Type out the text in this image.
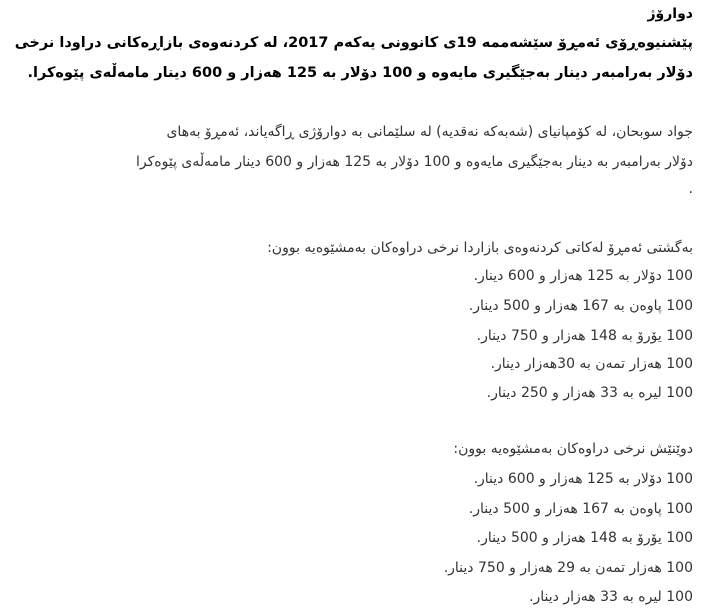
دوارۆژ
پێشنیوەڕۆی ئەمڕۆ سێشەممە 19ی کانوونی یەکەم 2017، لە کردنەوەی بازاڕەکانی دراودا نرخی
دۆلار بەرامبەر دینار بەجێگیری مایەوە و 100 دۆلار بە 125 هەزار و 600 دینار مامەڵەی پێوەکرا.
جواد سوبحان، لە کۆمپانیای (شەبەکە نەقدیە) لە سلێمانی بە دوارۆژی ڕاگەیاند، ئەمڕۆ بەهای
دۆلار بەرامبەر بە دینار بەجێگیری مایەوە و 100 دۆلار بە 125 هەزار و 600 دینار مامەڵەی پێوەکرا
.
بەگشتی ئەمڕۆ لەکاتی کردنەوەی بازاردا نرخی دراوەکان بەمشێوەیە بوون:
100 دۆلار بە 125 هەزار و 600 دینار.
100 پاوەن بە 167 هەزار و 500 دینار.
100 یۆرۆ بە 148 هەزار و 750 دینار.
100 هەزار تمەن بە 30هەزار دینار.
100 لیرە بە 33 هەزار و 250 دینار.
دوێنێش نرخی دراوەکان بەمشێوەیە بوون:
100 دۆلار بە 125 هەزار و 600 دینار.
100 پاوەن بە 167 هەزار و 500 دینار.
100 یۆرۆ بە 148 هەزار و 500 دینار.
100 هەزار تمەن بە 29 هەزار و 750 دینار.
100 لیرە بە 33 هەزار دینار.
